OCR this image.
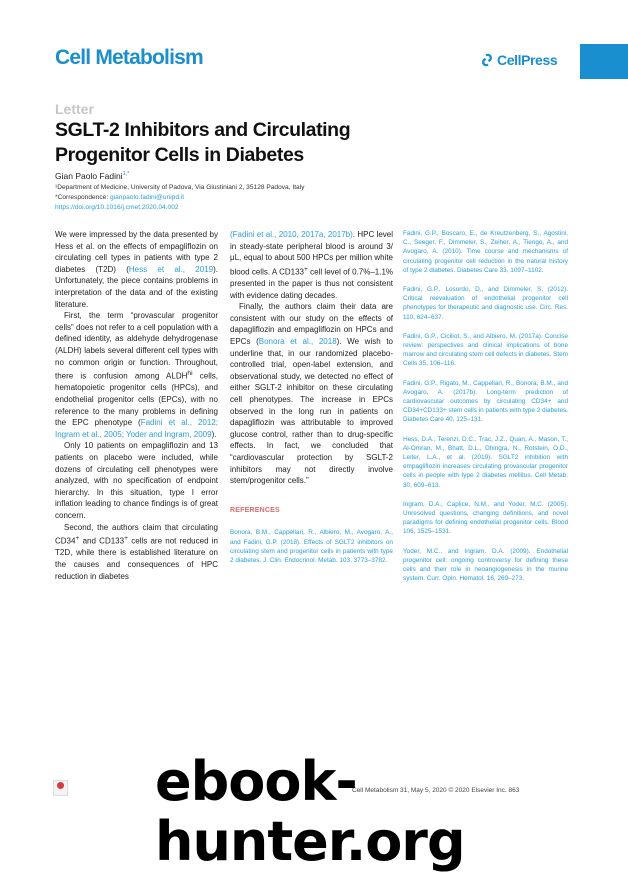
Cell Metabolism	CellPress
Letter
SGLT-2 Inhibitors and Circulating
Progenitor Cells in Diabetes
Gian Paolo Fadini$^{1,*}$
¹Department of Medicine, University of Padova, Via Giustiniani 2, 35128 Padova, Italy
*Correspondence: gianpaolo.fadini@unipd.it
https://doi.org/10.1016/j.cmet.2020.04.002

We were impressed by the data presented by Hess et al. on the effects of empagliflozin on circulating cell types in patients with type 2 diabetes (T2D) (Hess et al., 2019). Unfortunately, the piece contains problems in interpretation of the data and of the existing literature.

First, the term “provascular progenitor cells” does not refer to a cell population with a defined identity, as aldehyde dehydrogenase (ALDH) labels several different cell types with no common origin or function. Throughout, there is confusion among $ALDH^{hi}$ cells, hematopoietic progenitor cells (HPCs), and endothelial progenitor cells (EPCs), with no reference to the many problems in defining the EPC phenotype (Fadini et al., 2012; Ingram et al., 2005; Yoder and Ingram, 2009).

Only 10 patients on empagliflozin and 13 patients on placebo were included, while dozens of circulating cell phenotypes were analyzed, with no specification of endpoint hierarchy. In this situation, type I error inflation leading to chance findings is of great concern.

Second, the authors claim that circulating CD34+ and CD133+ cells are not reduced in T2D, while there is established literature on the causes and consequences of HPC reduction in diabetes

(Fadini et al., 2010, 2017a, 2017b). HPC level in steady-state peripheral blood is around 3/μL, equal to about 500 HPCs per million white blood cells. A CD133+ cell level of 0.7%–1.1% presented in the paper is thus not consistent with evidence dating decades.

Finally, the authors claim their data are consistent with our study on the effects of dapagliflozin and empagliflozin on HPCs and EPCs (Bonora et al., 2018). We wish to underline that, in our randomized placebo-controlled trial, open-label extension, and observational study, we detected no effect of either SGLT-2 inhibitor on these circulating cell phenotypes. The increase in EPCs observed in the long run in patients on dapagliflozin was attributable to improved glucose control, rather than to drug-specific effects. In fact, we concluded that “cardiovascular protection by SGLT-2 inhibitors may not directly involve stem/progenitor cells.”

REFERENCES
Bonora, B.M., Cappellari, R., Albiero, M., Avogaro, A., and Fadini, G.P. (2018). Effects of SGLT2 inhibitors on circulating stem and progenitor cells in patients with type 2 diabetes. J. Clin. Endocrinol. Metab. 103, 3773–3782.

Fadini, G.P., Boscaro, E., de Kreutzenberg, S., Agostini, C., Seeger, F., Dimmeler, S., Zeiher, A., Tiengo, A., and Avogaro, A. (2010). Time course and mechanisms of circulating progenitor cell reduction in the natural history of type 2 diabetes. Diabetes Care 33, 1097–1102.

Fadini, G.P., Losordo, D., and Dimmeler, S. (2012). Critical reevaluation of endothelial progenitor cell phenotypes for therapeutic and diagnostic use. Circ. Res. 110, 624–637.

Fadini, G.P., Ciciliot, S., and Albiero, M. (2017a). Concise review: perspectives and clinical implications of bone marrow and circulating stem cell defects in diabetes. Stem Cells 35, 106–116.

Fadini, G.P., Rigato, M., Cappellari, R., Bonora, B.M., and Avogaro, A. (2017b). Long-term prediction of cardiovascular outcomes by circulating CD34+ and CD34+CD133+ stem cells in patients with type 2 diabetes. Diabetes Care 40, 125–131.

Hess, D.A., Terenzi, D.C., Trac, J.Z., Quan, A., Mason, T., Al-Omran, M., Bhatt, D.L., Dhingra, N., Rotstein, O.D., Leiter, L.A., et al. (2019). SGLT2 inhibition with empagliflozin increases circulating provascular progenitor cells in people with type 2 diabetes mellitus. Cell Metab. 30, 609–613.

Ingram, D.A., Caplice, N.M., and Yoder, M.C. (2005). Unresolved questions, changing definitions, and novel paradigms for defining endothelial progenitor cells. Blood 106, 1525–1531.

Yoder, M.C., and Ingram, D.A. (2009). Endothelial progenitor cell: ongoing controversy for defining these cells and their role in neoangiogenesis in the murine system. Curr. Opin. Hematol. 16, 269–273.

Cell Metabolism 31, May 5, 2020 © 2020 Elsevier Inc. 863
ebook-hunter.org
